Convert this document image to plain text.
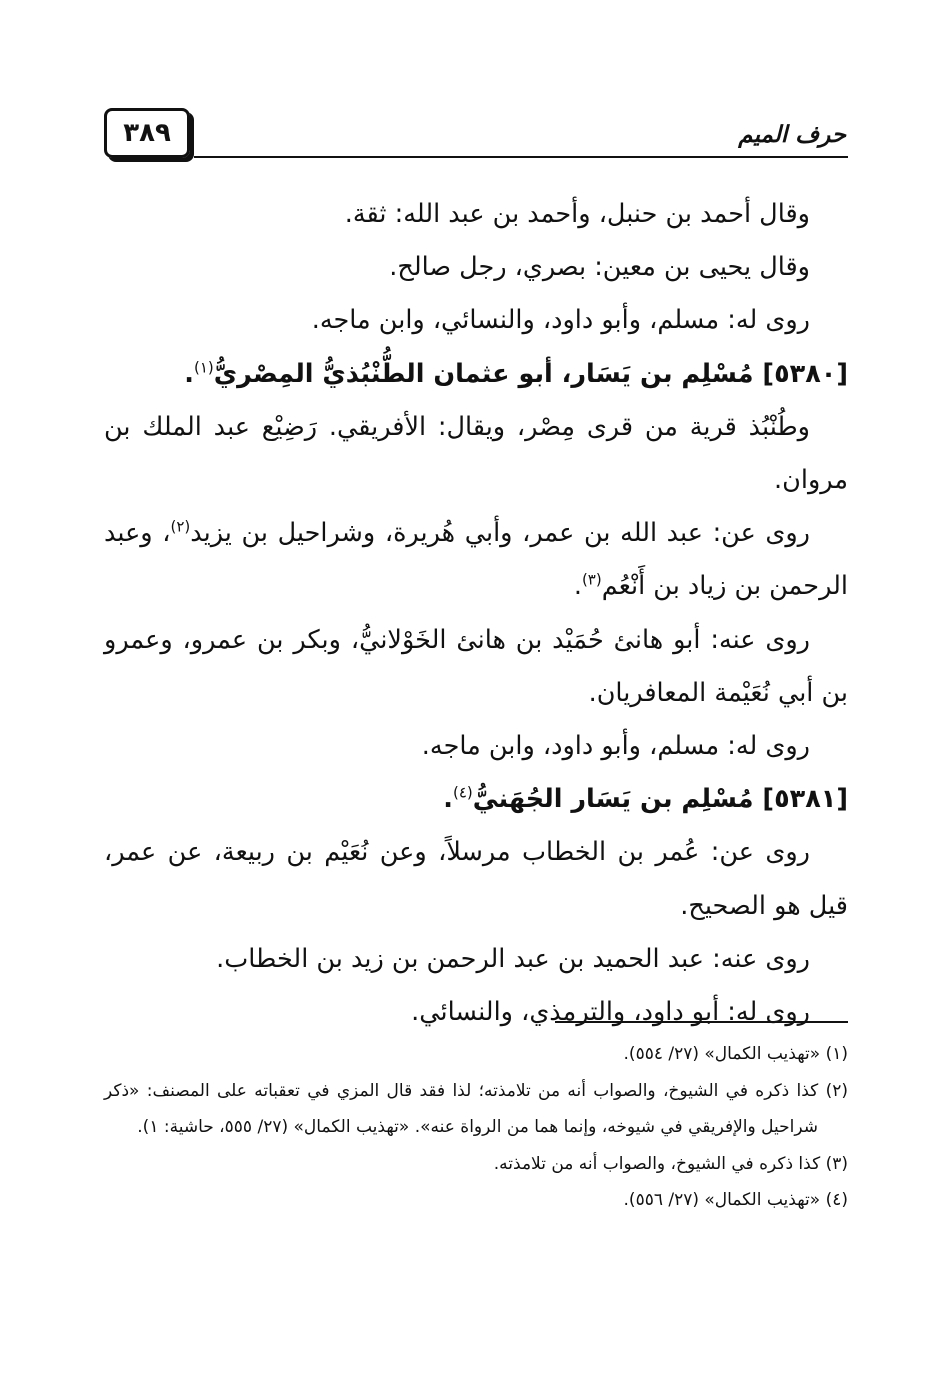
٣٨٩	حرف الميم

وقال أحمد بن حنبل، وأحمد بن عبد الله: ثقة.

وقال يحيى بن معين: بصري، رجل صالح.

روى له: مسلم، وأبو داود، والنسائي، وابن ماجه.

[٥٣٨٠] مُسْلِم بن يَسَار، أبو عثمان الطُّنْبُذيُّ المِصْريُّ$^{(١)}$.

وطُنْبُذ قرية من قرى مِصْر، ويقال: الأفريقي. رَضِيْع عبد الملك بن مروان.

روى عن: عبد الله بن عمر، وأبي هُريرة، وشراحيل بن يزيد$^{(٢)}$، وعبد الرحمن بن زياد بن أَنْعُم$^{(٣)}$.

روى عنه: أبو هانئ حُمَيْد بن هانئ الخَوْلانيُّ، وبكر بن عمرو، وعمرو بن أبي نُعَيْمة المعافريان.

روى له: مسلم، وأبو داود، وابن ماجه.

[٥٣٨١] مُسْلِم بن يَسَار الجُهَنيُّ$^{(٤)}$.

روى عن: عُمر بن الخطاب مرسلاً، وعن نُعَيْم بن ربيعة، عن عمر، قيل هو الصحيح.

روى عنه: عبد الحميد بن عبد الرحمن بن زيد بن الخطاب.

روى له: أبو داود، والترمذي، والنسائي.

(١) «تهذيب الكمال» (٢٧/ ٥٥٤).

(٢) كذا ذكره في الشيوخ، والصواب أنه من تلامذته؛ لذا فقد قال المزي في تعقباته على المصنف: «ذكر شراحيل والإفريقي في شيوخه، وإنما هما من الرواة عنه». «تهذيب الكمال» (٢٧/ ٥٥٥، حاشية: ١).

(٣) كذا ذكره في الشيوخ، والصواب أنه من تلامذته.

(٤) «تهذيب الكمال» (٢٧/ ٥٥٦).
